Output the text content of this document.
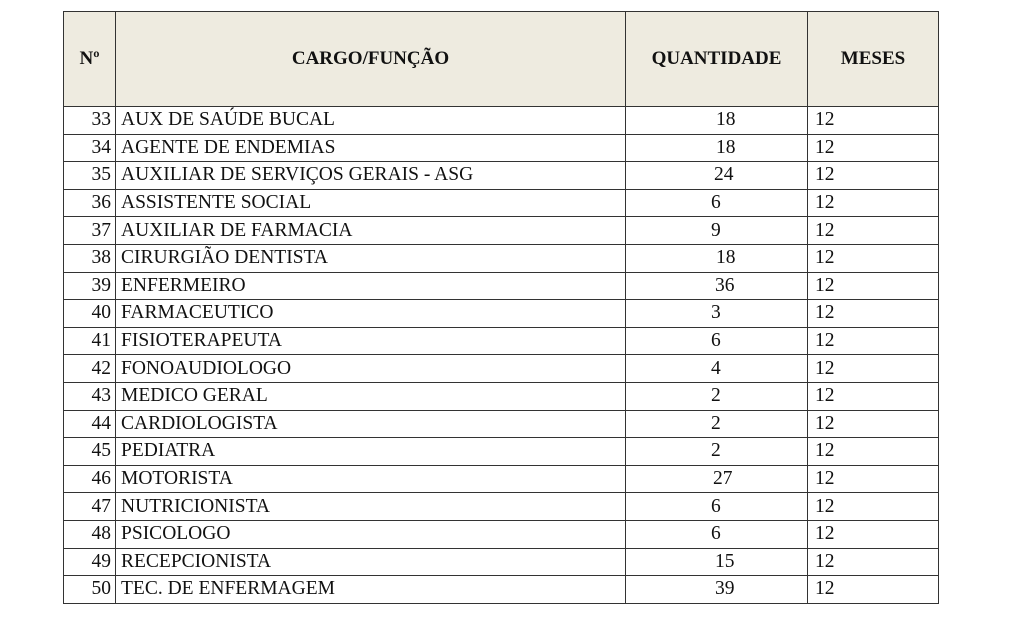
Nº	CARGO/FUNÇÃO	QUANTIDADE	MESES
33	AUX DE SAÚDE BUCAL	18	12
34	AGENTE DE ENDEMIAS	18	12
35	AUXILIAR DE SERVIÇOS GERAIS - ASG	24	12
36	ASSISTENTE SOCIAL	6	12
37	AUXILIAR DE FARMACIA	9	12
38	CIRURGIÃO DENTISTA	18	12
39	ENFERMEIRO	36	12
40	FARMACEUTICO	3	12
41	FISIOTERAPEUTA	6	12
42	FONOAUDIOLOGO	4	12
43	MEDICO GERAL	2	12
44	CARDIOLOGISTA	2	12
45	PEDIATRA	2	12
46	MOTORISTA	27	12
47	NUTRICIONISTA	6	12
48	PSICOLOGO	6	12
49	RECEPCIONISTA	15	12
50	TEC. DE ENFERMAGEM	39	12
